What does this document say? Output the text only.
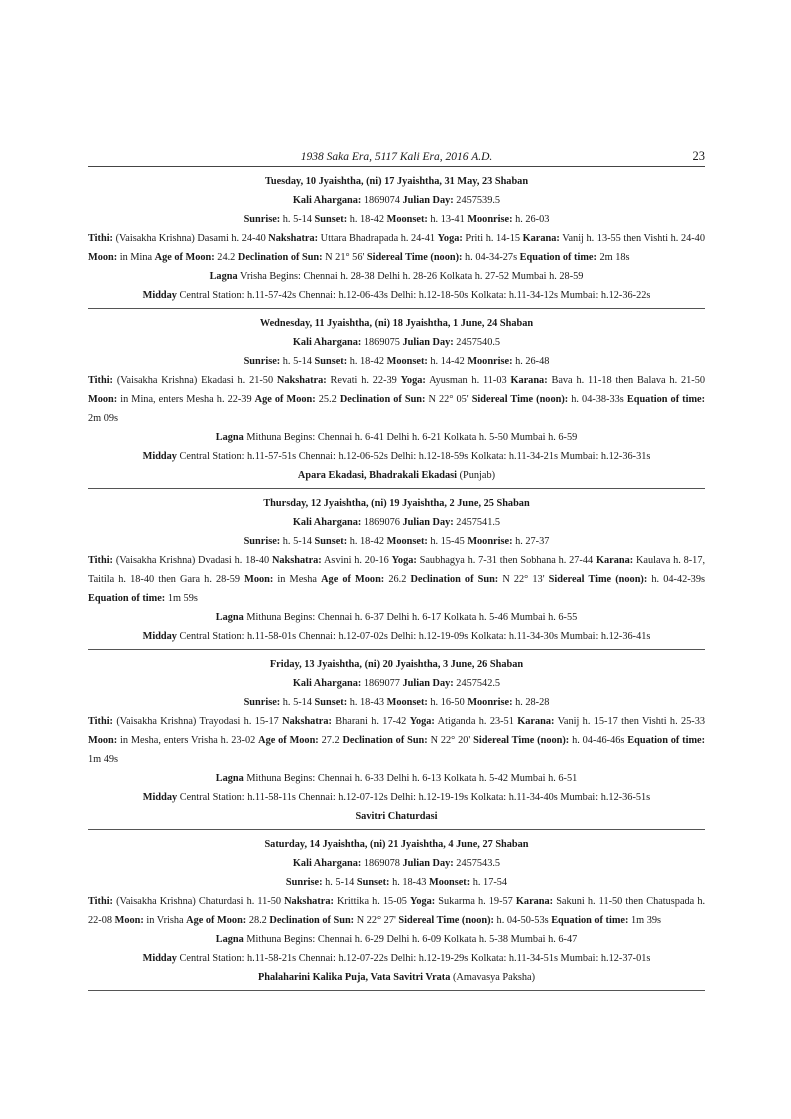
1938 Saka Era, 5117 Kali Era, 2016 A.D.	23
Tuesday, 10 Jyaishtha, (ni) 17 Jyaishtha, 31 May, 23 Shaban
Kali Ahargana: 1869074 Julian Day: 2457539.5
Sunrise: h. 5-14 Sunset: h. 18-42 Moonset: h. 13-41 Moonrise: h. 26-03
Tithi: (Vaisakha Krishna) Dasami h. 24-40 Nakshatra: Uttara Bhadrapada h. 24-41 Yoga: Priti h. 14-15 Karana: Vanij h. 13-55 then Vishti h. 24-40 Moon: in Mina Age of Moon: 24.2 Declination of Sun: N 21° 56' Sidereal Time (noon): h. 04-34-27s Equation of time: 2m 18s
Lagna Vrisha Begins: Chennai h. 28-38 Delhi h. 28-26 Kolkata h. 27-52 Mumbai h. 28-59
Midday Central Station: h.11-57-42s Chennai: h.12-06-43s Delhi: h.12-18-50s Kolkata: h.11-34-12s Mumbai: h.12-36-22s
Wednesday, 11 Jyaishtha, (ni) 18 Jyaishtha, 1 June, 24 Shaban
Kali Ahargana: 1869075 Julian Day: 2457540.5
Sunrise: h. 5-14 Sunset: h. 18-42 Moonset: h. 14-42 Moonrise: h. 26-48
Tithi: (Vaisakha Krishna) Ekadasi h. 21-50 Nakshatra: Revati h. 22-39 Yoga: Ayusman h. 11-03 Karana: Bava h. 11-18 then Balava h. 21-50 Moon: in Mina, enters Mesha h. 22-39 Age of Moon: 25.2 Declination of Sun: N 22° 05' Sidereal Time (noon): h. 04-38-33s Equation of time: 2m 09s
Lagna Mithuna Begins: Chennai h. 6-41 Delhi h. 6-21 Kolkata h. 5-50 Mumbai h. 6-59
Midday Central Station: h.11-57-51s Chennai: h.12-06-52s Delhi: h.12-18-59s Kolkata: h.11-34-21s Mumbai: h.12-36-31s
Apara Ekadasi, Bhadrakali Ekadasi (Punjab)
Thursday, 12 Jyaishtha, (ni) 19 Jyaishtha, 2 June, 25 Shaban
Kali Ahargana: 1869076 Julian Day: 2457541.5
Sunrise: h. 5-14 Sunset: h. 18-42 Moonset: h. 15-45 Moonrise: h. 27-37
Tithi: (Vaisakha Krishna) Dvadasi h. 18-40 Nakshatra: Asvini h. 20-16 Yoga: Saubhagya h. 7-31 then Sobhana h. 27-44 Karana: Kaulava h. 8-17, Taitila h. 18-40 then Gara h. 28-59 Moon: in Mesha Age of Moon: 26.2 Declination of Sun: N 22° 13' Sidereal Time (noon): h. 04-42-39s Equation of time: 1m 59s
Lagna Mithuna Begins: Chennai h. 6-37 Delhi h. 6-17 Kolkata h. 5-46 Mumbai h. 6-55
Midday Central Station: h.11-58-01s Chennai: h.12-07-02s Delhi: h.12-19-09s Kolkata: h.11-34-30s Mumbai: h.12-36-41s
Friday, 13 Jyaishtha, (ni) 20 Jyaishtha, 3 June, 26 Shaban
Kali Ahargana: 1869077 Julian Day: 2457542.5
Sunrise: h. 5-14 Sunset: h. 18-43 Moonset: h. 16-50 Moonrise: h. 28-28
Tithi: (Vaisakha Krishna) Trayodasi h. 15-17 Nakshatra: Bharani h. 17-42 Yoga: Atiganda h. 23-51 Karana: Vanij h. 15-17 then Vishti h. 25-33 Moon: in Mesha, enters Vrisha h. 23-02 Age of Moon: 27.2 Declination of Sun: N 22° 20' Sidereal Time (noon): h. 04-46-46s Equation of time: 1m 49s
Lagna Mithuna Begins: Chennai h. 6-33 Delhi h. 6-13 Kolkata h. 5-42 Mumbai h. 6-51
Midday Central Station: h.11-58-11s Chennai: h.12-07-12s Delhi: h.12-19-19s Kolkata: h.11-34-40s Mumbai: h.12-36-51s
Savitri Chaturdasi
Saturday, 14 Jyaishtha, (ni) 21 Jyaishtha, 4 June, 27 Shaban
Kali Ahargana: 1869078 Julian Day: 2457543.5
Sunrise: h. 5-14 Sunset: h. 18-43 Moonset: h. 17-54
Tithi: (Vaisakha Krishna) Chaturdasi h. 11-50 Nakshatra: Krittika h. 15-05 Yoga: Sukarma h. 19-57 Karana: Sakuni h. 11-50 then Chatuspada h. 22-08 Moon: in Vrisha Age of Moon: 28.2 Declination of Sun: N 22° 27' Sidereal Time (noon): h. 04-50-53s Equation of time: 1m 39s
Lagna Mithuna Begins: Chennai h. 6-29 Delhi h. 6-09 Kolkata h. 5-38 Mumbai h. 6-47
Midday Central Station: h.11-58-21s Chennai: h.12-07-22s Delhi: h.12-19-29s Kolkata: h.11-34-51s Mumbai: h.12-37-01s
Phalaharini Kalika Puja, Vata Savitri Vrata (Amavasya Paksha)
